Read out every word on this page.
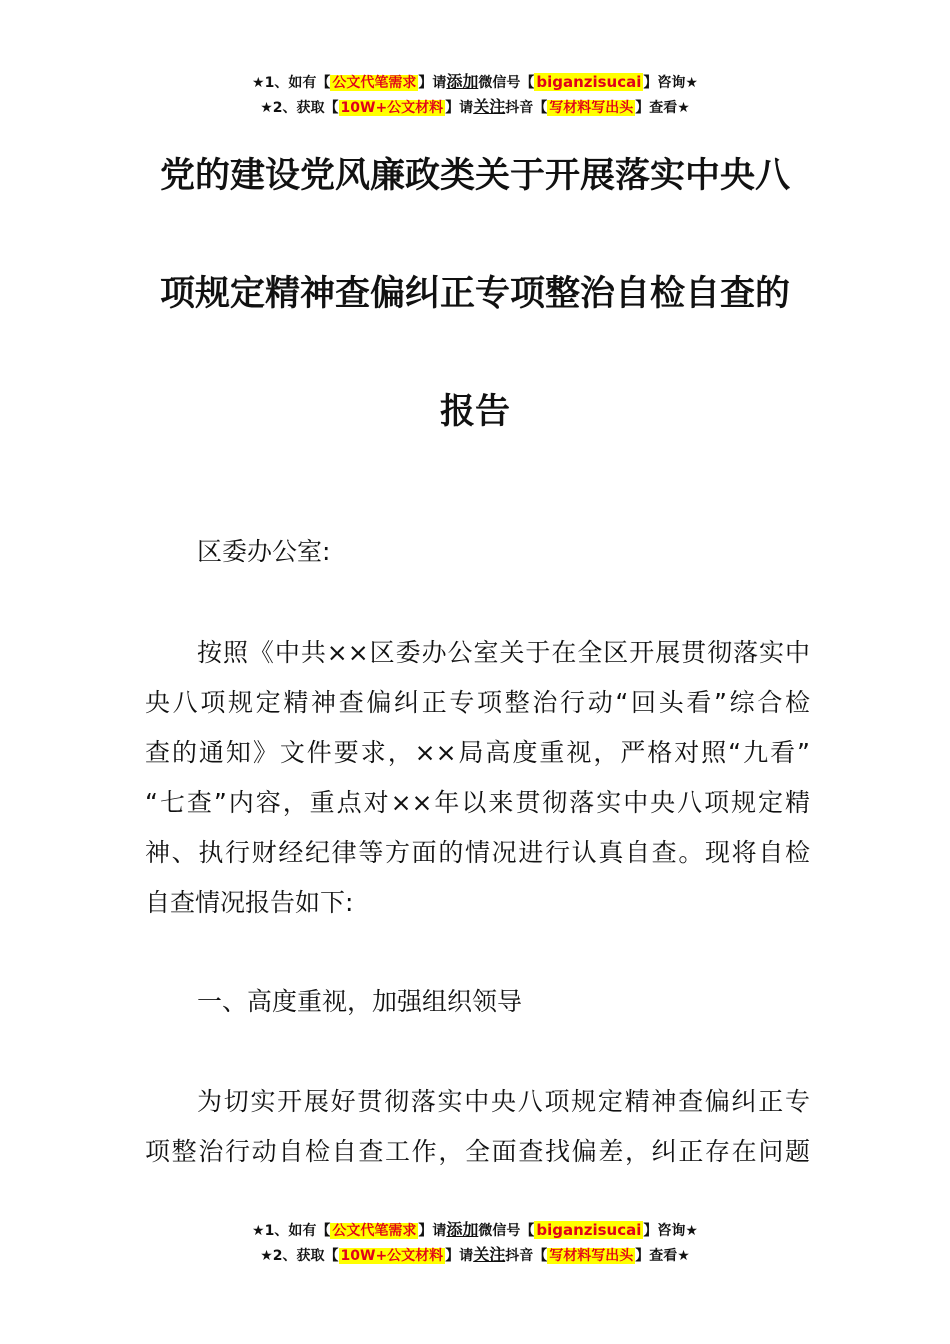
★1、如有【 公文代笔需求 】请添加微信号【 biganzisucai 】咨询★
★2、获取【 10W+公文材料 】请关注抖音【 写材料写出头 】查看★
党的建设党风廉政类关于开展落实中央八
项规定精神查偏纠正专项整治自检自查的
报告
区委办公室:
按照《中共××区委办公室关于在全区开展贯彻落实中
央八项规定精神查偏纠正专项整治行动“回头看”综合检
查的通知》文件要求，××局高度重视，严格对照“九看”
“七查”内容，重点对××年以来贯彻落实中央八项规定精
神、执行财经纪律等方面的情况进行认真自查。现将自检
自查情况报告如下:
一、高度重视，加强组织领导
为切实开展好贯彻落实中央八项规定精神查偏纠正专
项整治行动自检自查工作，全面查找偏差，纠正存在问题
★1、如有【 公文代笔需求 】请添加微信号【 biganzisucai 】咨询★
★2、获取【 10W+公文材料 】请关注抖音【 写材料写出头 】查看★
